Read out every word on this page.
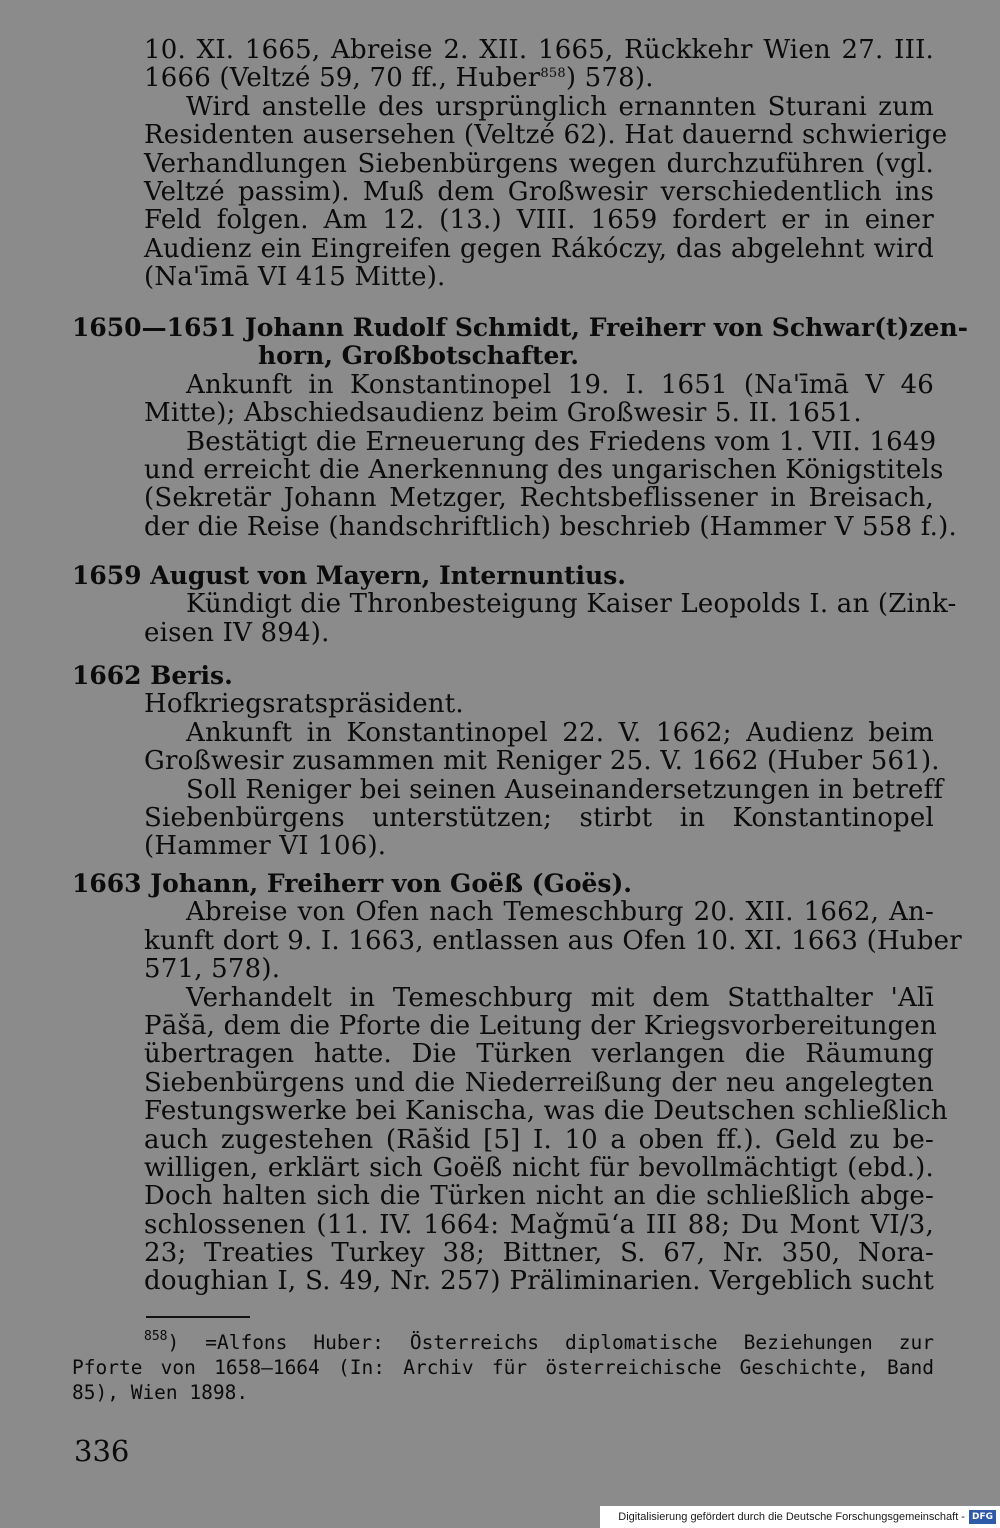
10. XI. 1665, Abreise 2. XII. 1665, Rückkehr Wien 27. III.
1666 (Veltzé 59, 70 ff., Huber$^{858}$) 578).
Wird anstelle des ursprünglich ernannten Sturani zum
Residenten ausersehen (Veltzé 62). Hat dauernd schwierige
Verhandlungen Siebenbürgens wegen durchzuführen (vgl.
Veltzé passim). Muß dem Großwesir verschiedentlich ins
Feld folgen. Am 12. (13.) VIII. 1659 fordert er in einer
Audienz ein Eingreifen gegen Rákóczy, das abgelehnt wird
(Na'īmā VI 415 Mitte).
1650—1651 Johann Rudolf Schmidt, Freiherr von Schwar(t)zen-
horn, Großbotschafter.
Ankunft in Konstantinopel 19. I. 1651 (Na'īmā V 46
Mitte); Abschiedsaudienz beim Großwesir 5. II. 1651.
Bestätigt die Erneuerung des Friedens vom 1. VII. 1649
und erreicht die Anerkennung des ungarischen Königstitels
(Sekretär Johann Metzger, Rechtsbeflissener in Breisach,
der die Reise (handschriftlich) beschrieb (Hammer V 558 f.).
1659 August von Mayern, Internuntius.
Kündigt die Thronbesteigung Kaiser Leopolds I. an (Zink-
eisen IV 894).
1662 Beris.
Hofkriegsratspräsident.
Ankunft in Konstantinopel 22. V. 1662; Audienz beim
Großwesir zusammen mit Reniger 25. V. 1662 (Huber 561).
Soll Reniger bei seinen Auseinandersetzungen in betreff
Siebenbürgens unterstützen; stirbt in Konstantinopel
(Hammer VI 106).
1663 Johann, Freiherr von Goëß (Goës).
Abreise von Ofen nach Temeschburg 20. XII. 1662, An-
kunft dort 9. I. 1663, entlassen aus Ofen 10. XI. 1663 (Huber
571, 578).
Verhandelt in Temeschburg mit dem Statthalter 'Alī
Pāšā, dem die Pforte die Leitung der Kriegsvorbereitungen
übertragen hatte. Die Türken verlangen die Räumung
Siebenbürgens und die Niederreißung der neu angelegten
Festungswerke bei Kanischa, was die Deutschen schließlich
auch zugestehen (Rāšid [5] I. 10 a oben ff.). Geld zu be-
willigen, erklärt sich Goëß nicht für bevollmächtigt (ebd.).
Doch halten sich die Türken nicht an die schließlich abge-
schlossenen (11. IV. 1664: Maǧmūʻa III 88; Du Mont VI/3,
23; Treaties Turkey 38; Bittner, S. 67, Nr. 350, Nora-
doughian I, S. 49, Nr. 257) Präliminarien. Vergeblich sucht
$^{858}$) =Alfons Huber: Österreichs diplomatische Beziehungen zur
Pforte von 1658—1664 (In: Archiv für österreichische Geschichte, Band
85), Wien 1898.
336
Digitalisierung gefördert durch die Deutsche Forschungsgemeinschaft - DFG
